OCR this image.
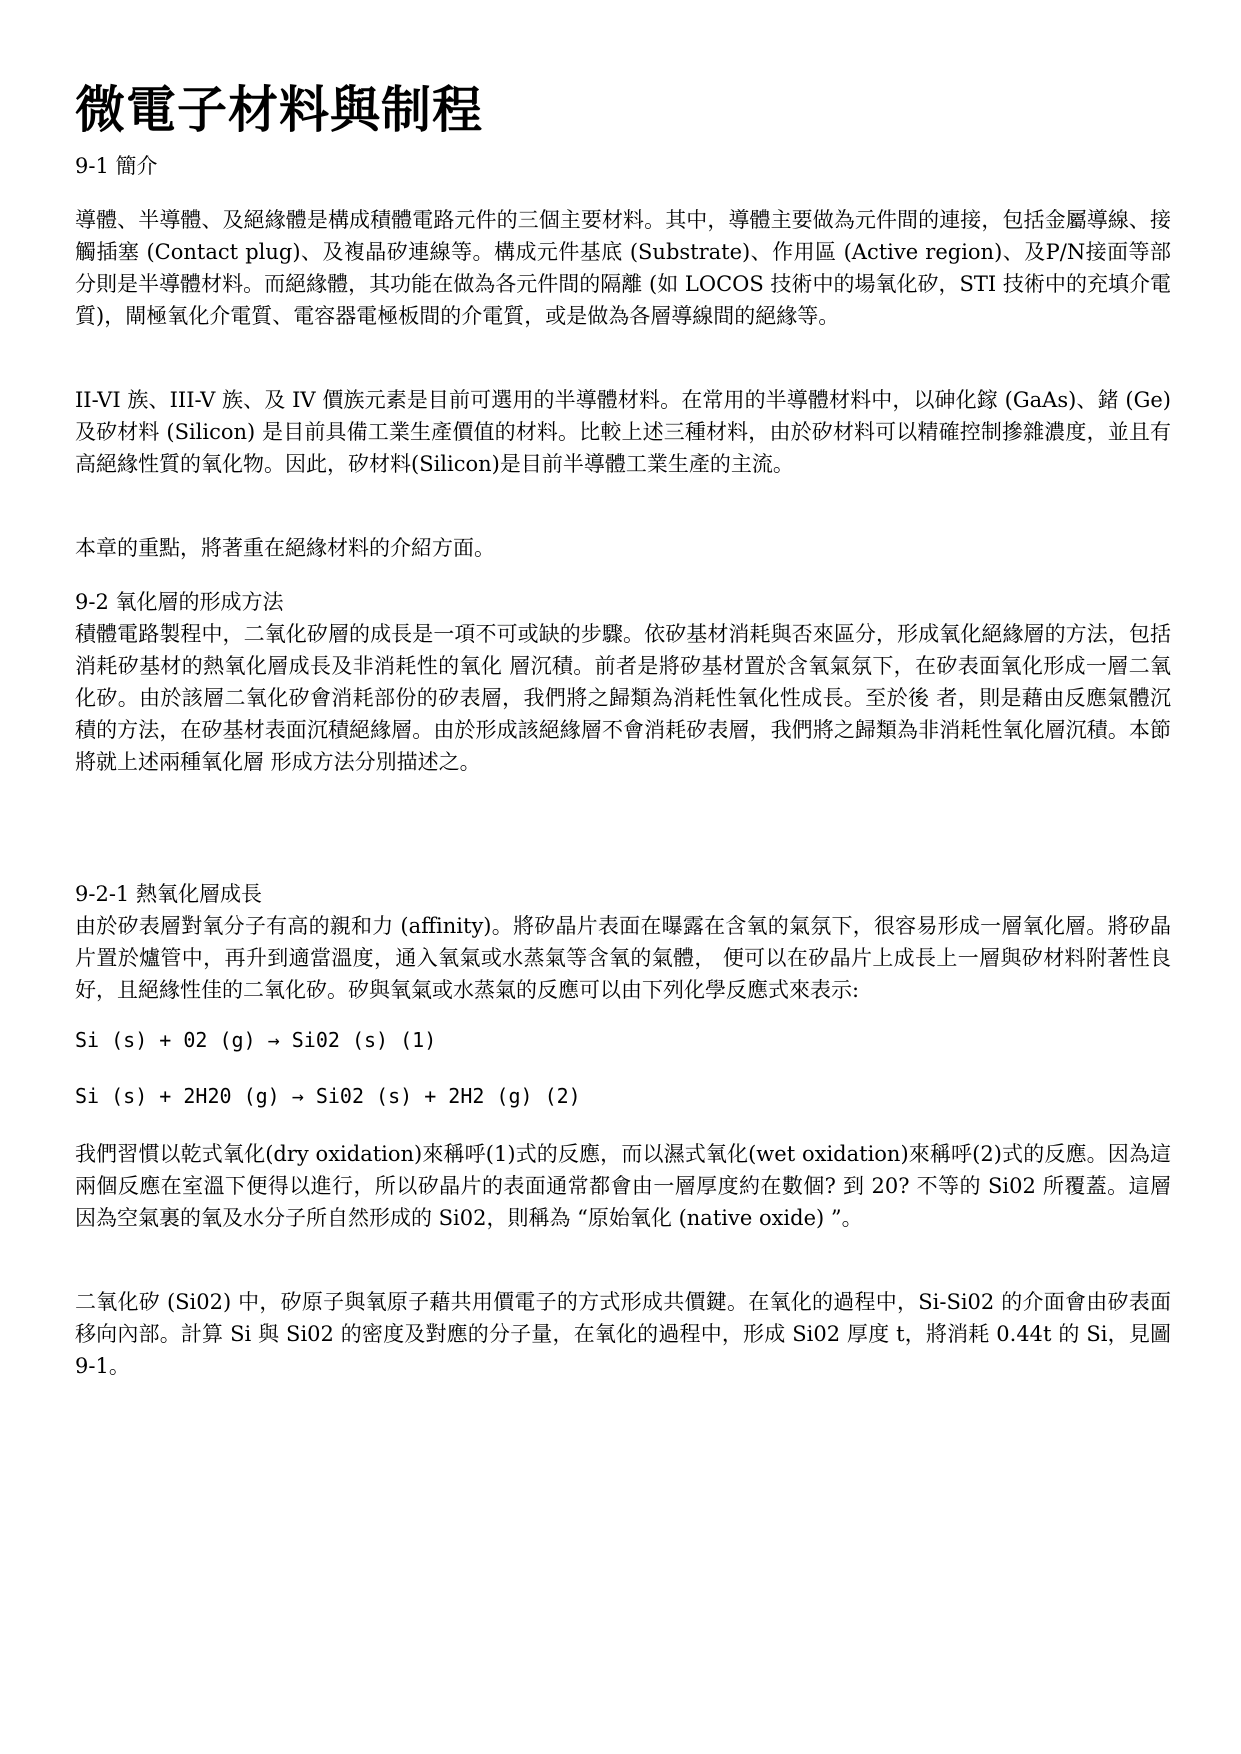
微電子材料與制程

9-1 簡介

導體、半導體、及絕緣體是構成積體電路元件的三個主要材料。其中，導體主要做為元件間的連接，包括金屬導線、接觸插塞 (Contact plug)、及複晶矽連線等。構成元件基底 (Substrate)、作用區 (Active region)、及P/N接面等部分則是半導體材料。而絕緣體，其功能在做為各元件間的隔離 (如 LOCOS 技術中的場氧化矽，STI 技術中的充填介電質)，閘極氧化介電質、電容器電極板間的介電質，或是做為各層導線間的絕緣等。

II-VI 族、III-V 族、及 IV 價族元素是目前可選用的半導體材料。在常用的半導體材料中，以砷化鎵 (GaAs)、鍺 (Ge) 及矽材料 (Silicon) 是目前具備工業生產價值的材料。比較上述三種材料，由於矽材料可以精確控制摻雜濃度，並且有高絕緣性質的氧化物。因此，矽材料(Silicon)是目前半導體工業生產的主流。

本章的重點，將著重在絕緣材料的介紹方面。

9-2 氧化層的形成方法

積體電路製程中，二氧化矽層的成長是一項不可或缺的步驟。依矽基材消耗與否來區分，形成氧化絕緣層的方法，包括消耗矽基材的熱氧化層成長及非消耗性的氧化 層沉積。前者是將矽基材置於含氧氣氛下，在矽表面氧化形成一層二氧化矽。由於該層二氧化矽會消耗部份的矽表層，我們將之歸類為消耗性氧化性成長。至於後 者，則是藉由反應氣體沉積的方法，在矽基材表面沉積絕緣層。由於形成該絕緣層不會消耗矽表層，我們將之歸類為非消耗性氧化層沉積。本節將就上述兩種氧化層 形成方法分別描述之。

9-2-1 熱氧化層成長

由於矽表層對氧分子有高的親和力 (affinity)。將矽晶片表面在曝露在含氧的氣氛下，很容易形成一層氧化層。將矽晶片置於爐管中，再升到適當溫度，通入氧氣或水蒸氣等含氧的氣體， 便可以在矽晶片上成長上一層與矽材料附著性良好，且絕緣性佳的二氧化矽。矽與氧氣或水蒸氣的反應可以由下列化學反應式來表示:

Si (s) + 02 (g) → Si02 (s) (1)

Si (s) + 2H20 (g) → Si02 (s) + 2H2 (g) (2)

我們習慣以乾式氧化(dry oxidation)來稱呼(1)式的反應，而以濕式氧化(wet oxidation)來稱呼(2)式的反應。因為這兩個反應在室溫下便得以進行，所以矽晶片的表面通常都會由一層厚度約在數個? 到 20? 不等的 Si02 所覆蓋。這層因為空氣裏的氧及水分子所自然形成的 Si02，則稱為 “原始氧化 (native oxide) ”。

二氧化矽 (Si02) 中，矽原子與氧原子藉共用價電子的方式形成共價鍵。在氧化的過程中，Si-Si02 的介面會由矽表面移向內部。計算 Si 與 Si02 的密度及對應的分子量，在氧化的過程中，形成 Si02 厚度 t，將消耗 0.44t 的 Si，見圖 9-1。
